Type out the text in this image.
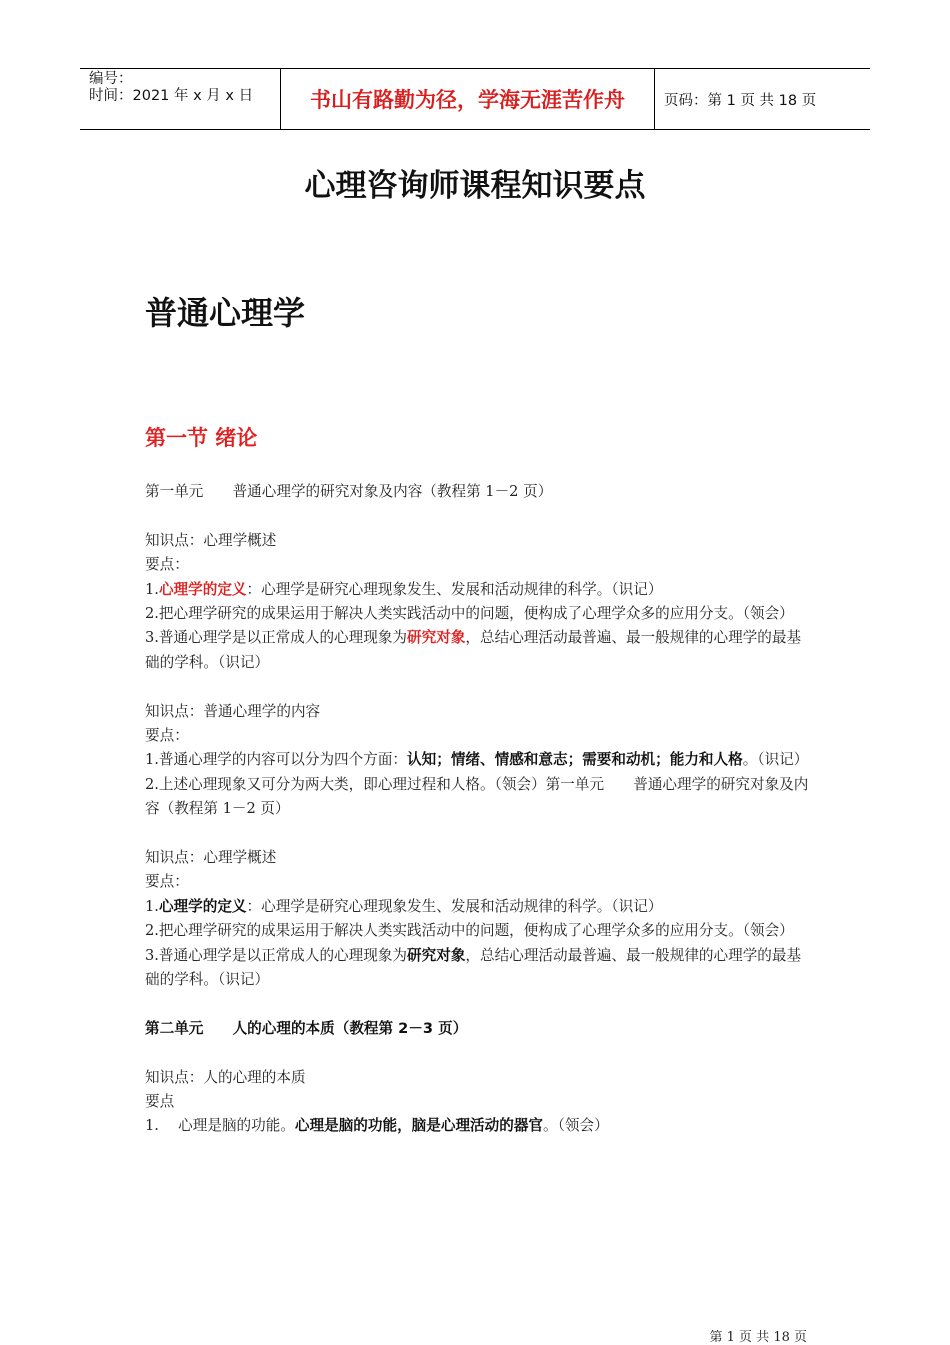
编号：
时间：2021 年 x 月 x 日	书山有路勤为径，学海无涯苦作舟	页码：第 1 页 共 18 页
心理咨询师课程知识要点
普通心理学
第一节 绪论

第一单元　　普通心理学的研究对象及内容（教程第 1－2 页）

知识点：心理学概述

要点：

1.心理学的定义：心理学是研究心理现象发生、发展和活动规律的科学。（识记）

2.把心理学研究的成果运用于解决人类实践活动中的问题，便构成了心理学众多的应用分支。（领会）

3.普通心理学是以正常成人的心理现象为研究对象，总结心理活动最普遍、最一般规律的心理学的最基础的学科。（识记）

知识点：普通心理学的内容

要点：

1.普通心理学的内容可以分为四个方面：认知；情绪、情感和意志；需要和动机；能力和人格。（识记）

2.上述心理现象又可分为两大类，即心理过程和人格。（领会）第一单元　　普通心理学的研究对象及内容（教程第 1－2 页）

知识点：心理学概述

要点：

1.心理学的定义：心理学是研究心理现象发生、发展和活动规律的科学。（识记）

2.把心理学研究的成果运用于解决人类实践活动中的问题，便构成了心理学众多的应用分支。（领会）

3.普通心理学是以正常成人的心理现象为研究对象，总结心理活动最普遍、最一般规律的心理学的最基础的学科。（识记）

第二单元　　人的心理的本质（教程第 2－3 页）

知识点：人的心理的本质

要点

1.　 心理是脑的功能。心理是脑的功能，脑是心理活动的器官。（领会）

第 1 页 共 18 页
